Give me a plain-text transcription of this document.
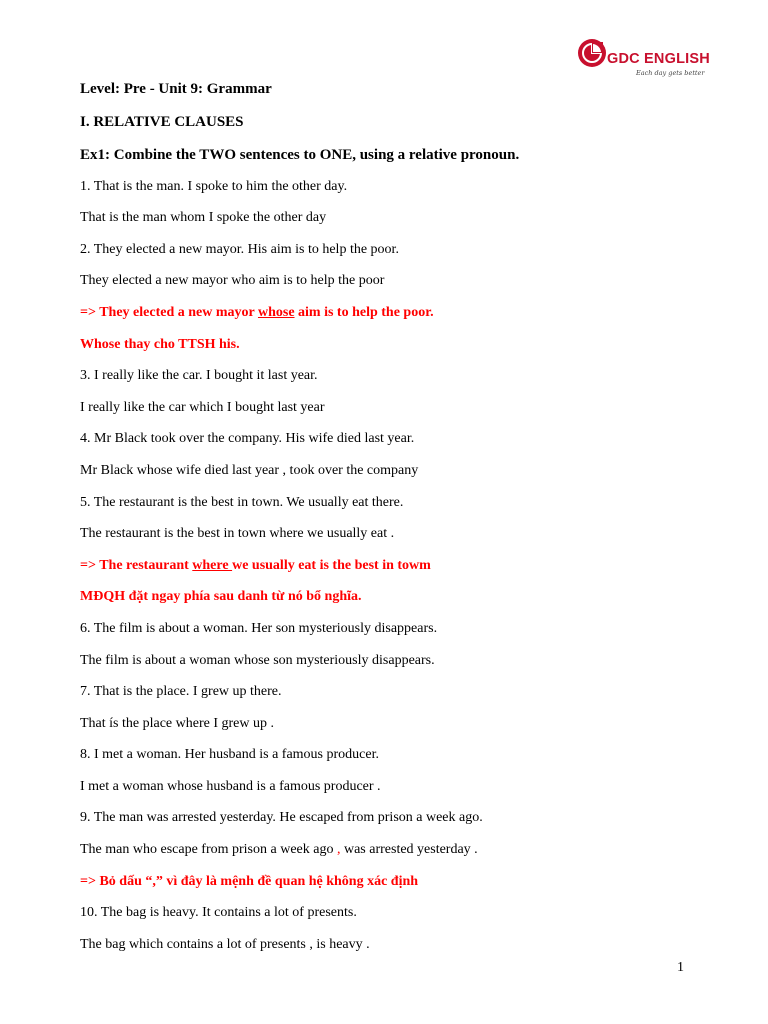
GDC ENGLISH
Each day gets better
Level: Pre - Unit 9: Grammar
I. RELATIVE CLAUSES
Ex1: Combine the TWO sentences to ONE, using a relative pronoun.
1. That is the man. I spoke to him the other day.
That is the man whom I spoke the other day
2. They elected a new mayor. His aim is to help the poor.
They elected a new mayor who aim is to help the poor
=> They elected a new mayor whose aim is to help the poor.
Whose thay cho TTSH his.
3. I really like the car. I bought it last year.
I really like the car which I bought last year
4. Mr Black took over the company. His wife died last year.
Mr Black whose wife died last year , took over the company
5. The restaurant is the best in town. We usually eat there.
The restaurant is the best in town where we usually eat .
=> The restaurant where we usually eat is the best in towm
MĐQH đặt ngay phía sau danh từ nó bổ nghĩa.
6. The film is about a woman. Her son mysteriously disappears.
The film is about a woman whose son mysteriously disappears.
7. That is the place. I grew up there.
That ís the place where I grew up .
8. I met a woman. Her husband is a famous producer.
I met a woman whose husband is a famous producer .
9. The man was arrested yesterday. He escaped from prison a week ago.
The man who escape from prison a week ago , was arrested yesterday .
=> Bỏ dấu “,” vì đây là mệnh đề quan hệ không xác định
10. The bag is heavy. It contains a lot of presents.
The bag which contains a lot of presents , is heavy .
1
